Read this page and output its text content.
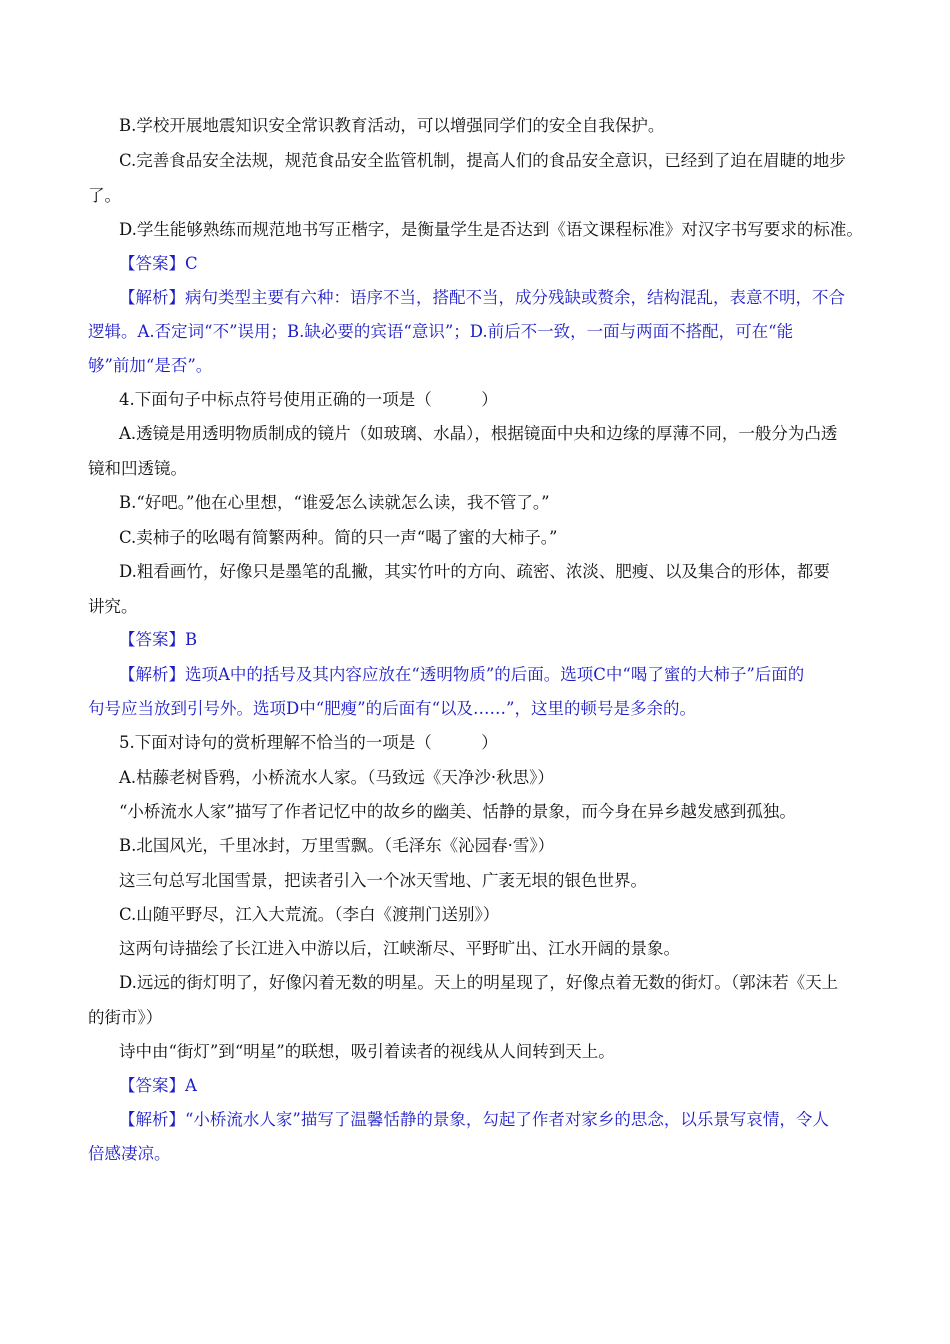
B.学校开展地震知识安全常识教育活动，可以增强同学们的安全自我保护。
C.完善食品安全法规，规范食品安全监管机制，提高人们的食品安全意识，已经到了迫在眉睫的地步
了。
D.学生能够熟练而规范地书写正楷字，是衡量学生是否达到《语文课程标准》对汉字书写要求的标准。
【答案】C
【解析】病句类型主要有六种：语序不当，搭配不当，成分残缺或赘余，结构混乱，表意不明，不合
逻辑。A.否定词“不”误用；B.缺必要的宾语“意识”；D.前后不一致，一面与两面不搭配，可在“能
够”前加“是否”。
4.下面句子中标点符号使用正确的一项是（　　　）
A.透镜是用透明物质制成的镜片（如玻璃、水晶），根据镜面中央和边缘的厚薄不同，一般分为凸透
镜和凹透镜。
B.“好吧。”他在心里想，“谁爱怎么读就怎么读，我不管了。”
C.卖柿子的吆喝有简繁两种。简的只一声“喝了蜜的大柿子。”
D.粗看画竹，好像只是墨笔的乱撇，其实竹叶的方向、疏密、浓淡、肥瘦、以及集合的形体，都要
讲究。
【答案】B
【解析】选项A中的括号及其内容应放在“透明物质”的后面。选项C中“喝了蜜的大柿子”后面的
句号应当放到引号外。选项D中“肥瘦”的后面有“以及……”，这里的顿号是多余的。
5.下面对诗句的赏析理解不恰当的一项是（　　　）
A.枯藤老树昏鸦，小桥流水人家。（马致远《天净沙·秋思》）
“小桥流水人家”描写了作者记忆中的故乡的幽美、恬静的景象，而今身在异乡越发感到孤独。
B.北国风光，千里冰封，万里雪飘。（毛泽东《沁园春·雪》）
这三句总写北国雪景，把读者引入一个冰天雪地、广袤无垠的银色世界。
C.山随平野尽，江入大荒流。（李白《渡荆门送别》）
这两句诗描绘了长江进入中游以后，江峡渐尽、平野旷出、江水开阔的景象。
D.远远的街灯明了，好像闪着无数的明星。天上的明星现了，好像点着无数的街灯。（郭沫若《天上
的街市》）
诗中由“街灯”到“明星”的联想，吸引着读者的视线从人间转到天上。
【答案】A
【解析】“小桥流水人家”描写了温馨恬静的景象，勾起了作者对家乡的思念，以乐景写哀情，令人
倍感凄凉。
